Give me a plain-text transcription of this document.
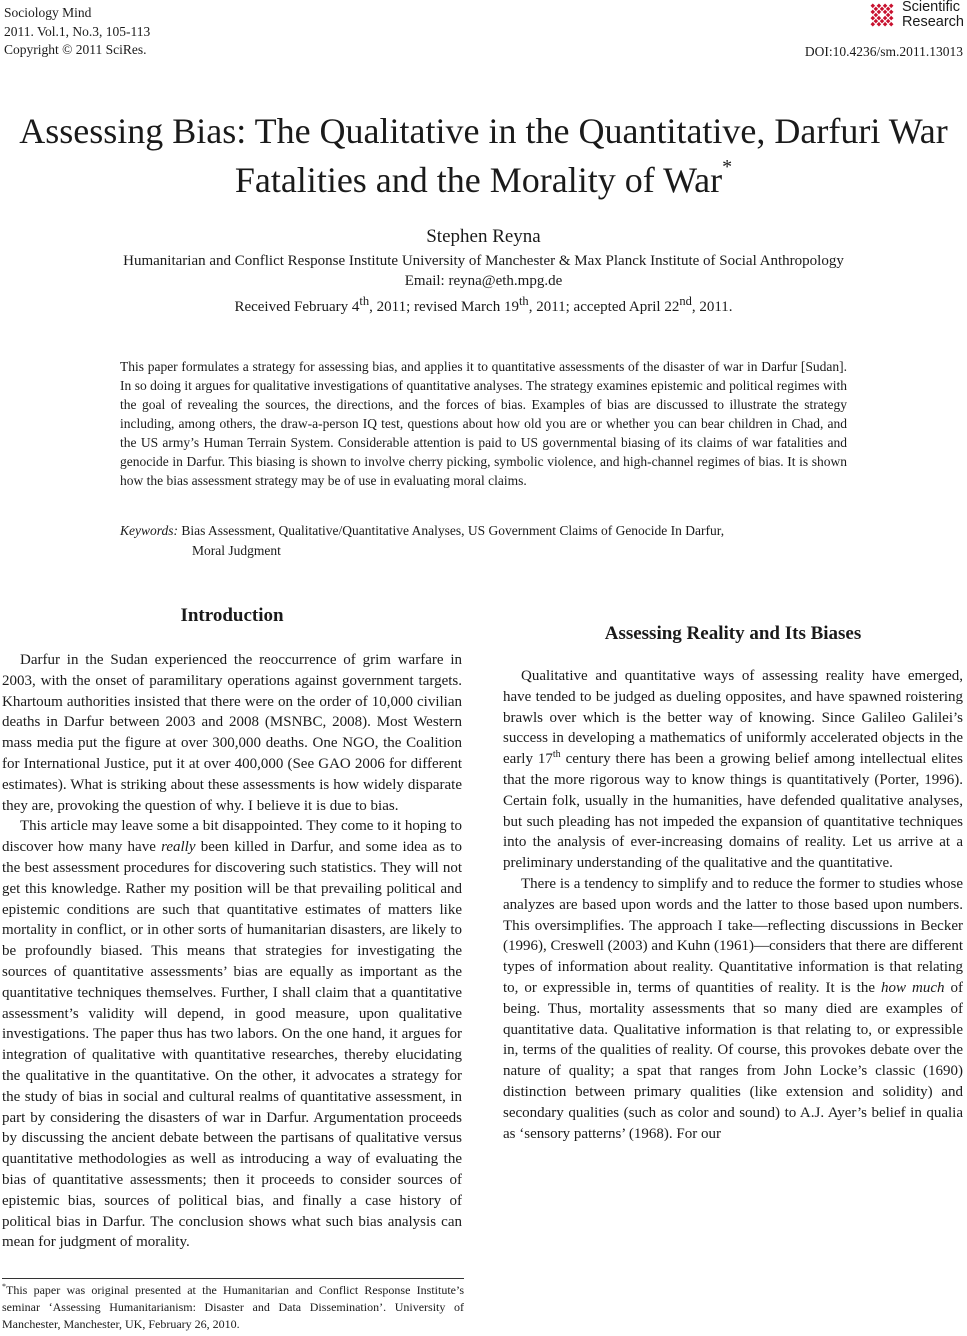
Sociology Mind
2011. Vol.1, No.3, 105-113
Copyright © 2011 SciRes.
Scientific
Research
DOI:10.4236/sm.2011.13013
Assessing Bias: The Qualitative in the Quantitative, Darfuri War
Fatalities and the Morality of War*
Stephen Reyna
Humanitarian and Conflict Response Institute University of Manchester & Max Planck Institute of Social Anthropology
Email: reyna@eth.mpg.de
Received February 4th, 2011; revised March 19th, 2011; accepted April 22nd, 2011.

This paper formulates a strategy for assessing bias, and applies it to quantitative assessments of the disaster of war in Darfur [Sudan]. In so doing it argues for qualitative investigations of quantitative analyses. The strategy examines epistemic and political regimes with the goal of revealing the sources, the directions, and the forces of bias. Examples of bias are discussed to illustrate the strategy including, among others, the draw-a-person IQ test, questions about how old you are or whether you can bear children in Chad, and the US army’s Human Terrain System. Considerable attention is paid to US governmental biasing of its claims of war fatalities and genocide in Darfur. This biasing is shown to involve cherry picking, symbolic violence, and high-channel regimes of bias. It is shown how the bias assessment strategy may be of use in evaluating moral claims.

Keywords: Bias Assessment, Qualitative/Quantitative Analyses, US Government Claims of Genocide In Darfur,
Moral Judgment
Introduction

Darfur in the Sudan experienced the reoccurrence of grim warfare in 2003, with the onset of paramilitary operations against government targets. Khartoum authorities insisted that there were on the order of 10,000 civilian deaths in Darfur between 2003 and 2008 (MSNBC, 2008). Most Western mass media put the figure at over 300,000 deaths. One NGO, the Coalition for International Justice, put it at over 400,000 (See GAO 2006 for different estimates). What is striking about these assessments is how widely disparate they are, provoking the question of why. I believe it is due to bias.

This article may leave some a bit disappointed. They come to it hoping to discover how many have really been killed in Darfur, and some idea as to the best assessment procedures for discovering such statistics. They will not get this knowledge. Rather my position will be that prevailing political and epistemic conditions are such that quantitative estimates of matters like mortality in conflict, or in other sorts of humanitarian disasters, are likely to be profoundly biased. This means that strategies for investigating the sources of quantitative assessments’ bias are equally as important as the quantitative techniques themselves. Further, I shall claim that a quantitative assessment’s validity will depend, in good measure, upon qualitative investigations. The paper thus has two labors. On the one hand, it argues for integration of qualitative with quantitative researches, thereby elucidating the qualitative in the quantitative. On the other, it advocates a strategy for the study of bias in social and cultural realms of quantitative assessment, in part by considering the disasters of war in Darfur. Argumentation proceeds by discussing the ancient debate between the partisans of qualitative versus quantitative methodologies as well as introducing a way of evaluating the bias of quantitative assessments; then it proceeds to consider sources of epistemic bias, sources of political bias, and finally a case history of political bias in Darfur. The conclusion shows what such bias analysis can mean for judgment of morality.

Assessing Reality and Its Biases

Qualitative and quantitative ways of assessing reality have emerged, have tended to be judged as dueling opposites, and have spawned roistering brawls over which is the better way of knowing. Since Galileo Galilei’s success in developing a mathematics of uniformly accelerated objects in the early 17th century there has been a growing belief among intellectual elites that the more rigorous way to know things is quantitatively (Porter, 1996). Certain folk, usually in the humanities, have defended qualitative analyses, but such pleading has not impeded the expansion of quantitative techniques into the analysis of ever-increasing domains of reality. Let us arrive at a preliminary understanding of the qualitative and the quantitative.

There is a tendency to simplify and to reduce the former to studies whose analyzes are based upon words and the latter to those based upon numbers. This oversimplifies. The approach I take—reflecting discussions in Becker (1996), Creswell (2003) and Kuhn (1961)—considers that there are different types of information about reality. Quantitative information is that relating to, or expressible in, terms of quantities of reality. It is the how much of being. Thus, mortality assessments that so many died are examples of quantitative data. Qualitative information is that relating to, or expressible in, terms of the qualities of reality. Of course, this provokes debate over the nature of quality; a spat that ranges from John Locke’s classic (1690) distinction between primary qualities (like extension and solidity) and secondary qualities (such as color and sound) to A.J. Ayer’s belief in qualia as ‘sensory patterns’ (1968). For our

*This paper was original presented at the Humanitarian and Conflict Response Institute’s seminar ‘Assessing Humanitarianism: Disaster and Data Dissemination’. University of Manchester, Manchester, UK, February 26, 2010.
